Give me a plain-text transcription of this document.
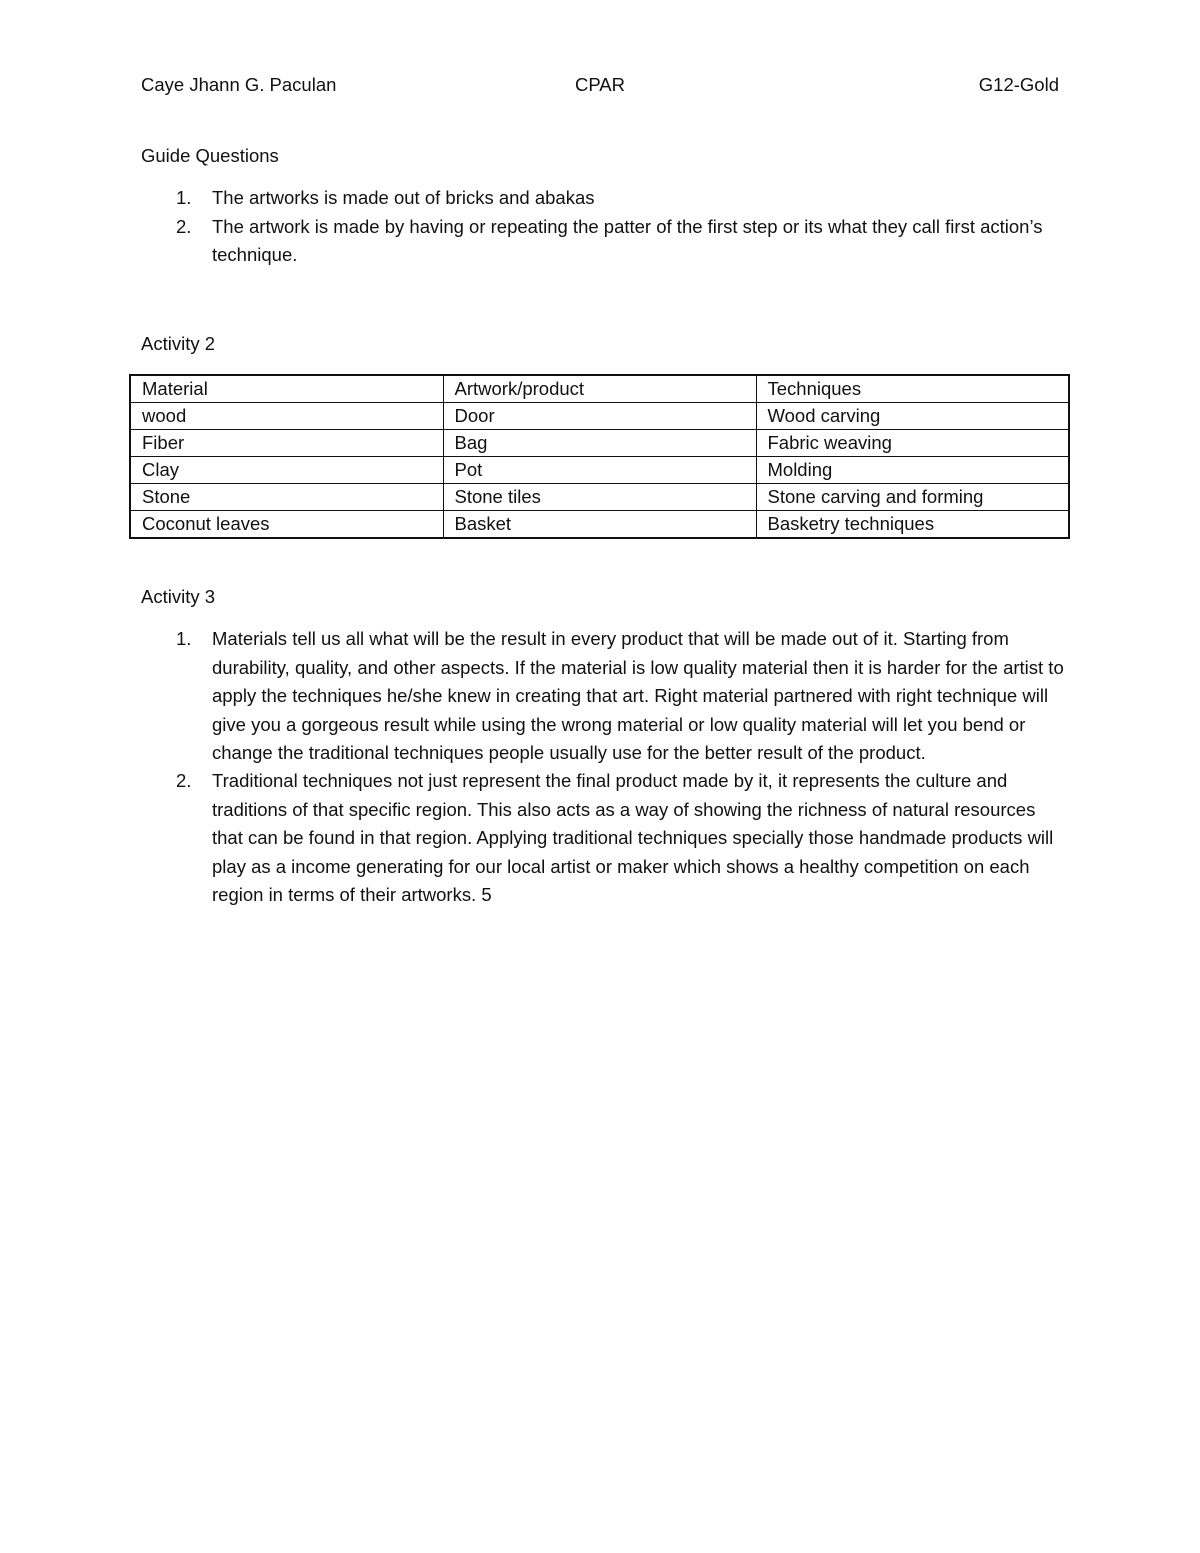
Caye Jhann G. Paculan	CPAR	G12-Gold

Guide Questions

1. The artworks is made out of bricks and abakas
2. The artwork is made by having or repeating the patter of the first step or its what they call first action’s technique.

Activity 2

Material	Artwork/product	Techniques
wood	Door	Wood carving
Fiber	Bag	Fabric weaving
Clay	Pot	Molding
Stone	Stone tiles	Stone carving and forming
Coconut leaves	Basket	Basketry techniques

Activity 3

1. Materials tell us all what will be the result in every product that will be made out of it. Starting from durability, quality, and other aspects. If the material is low quality material then it is harder for the artist to apply the techniques he/she knew in creating that art. Right material partnered with right technique will give you a gorgeous result while using the wrong material or low quality material will let you bend or change the traditional techniques people usually use for the better result of the product.
2. Traditional techniques not just represent the final product made by it, it represents the culture and traditions of that specific region. This also acts as a way of showing the richness of natural resources that can be found in that region. Applying traditional techniques specially those handmade products will play as a income generating for our local artist or maker which shows a healthy competition on each region in terms of their artworks. 5
